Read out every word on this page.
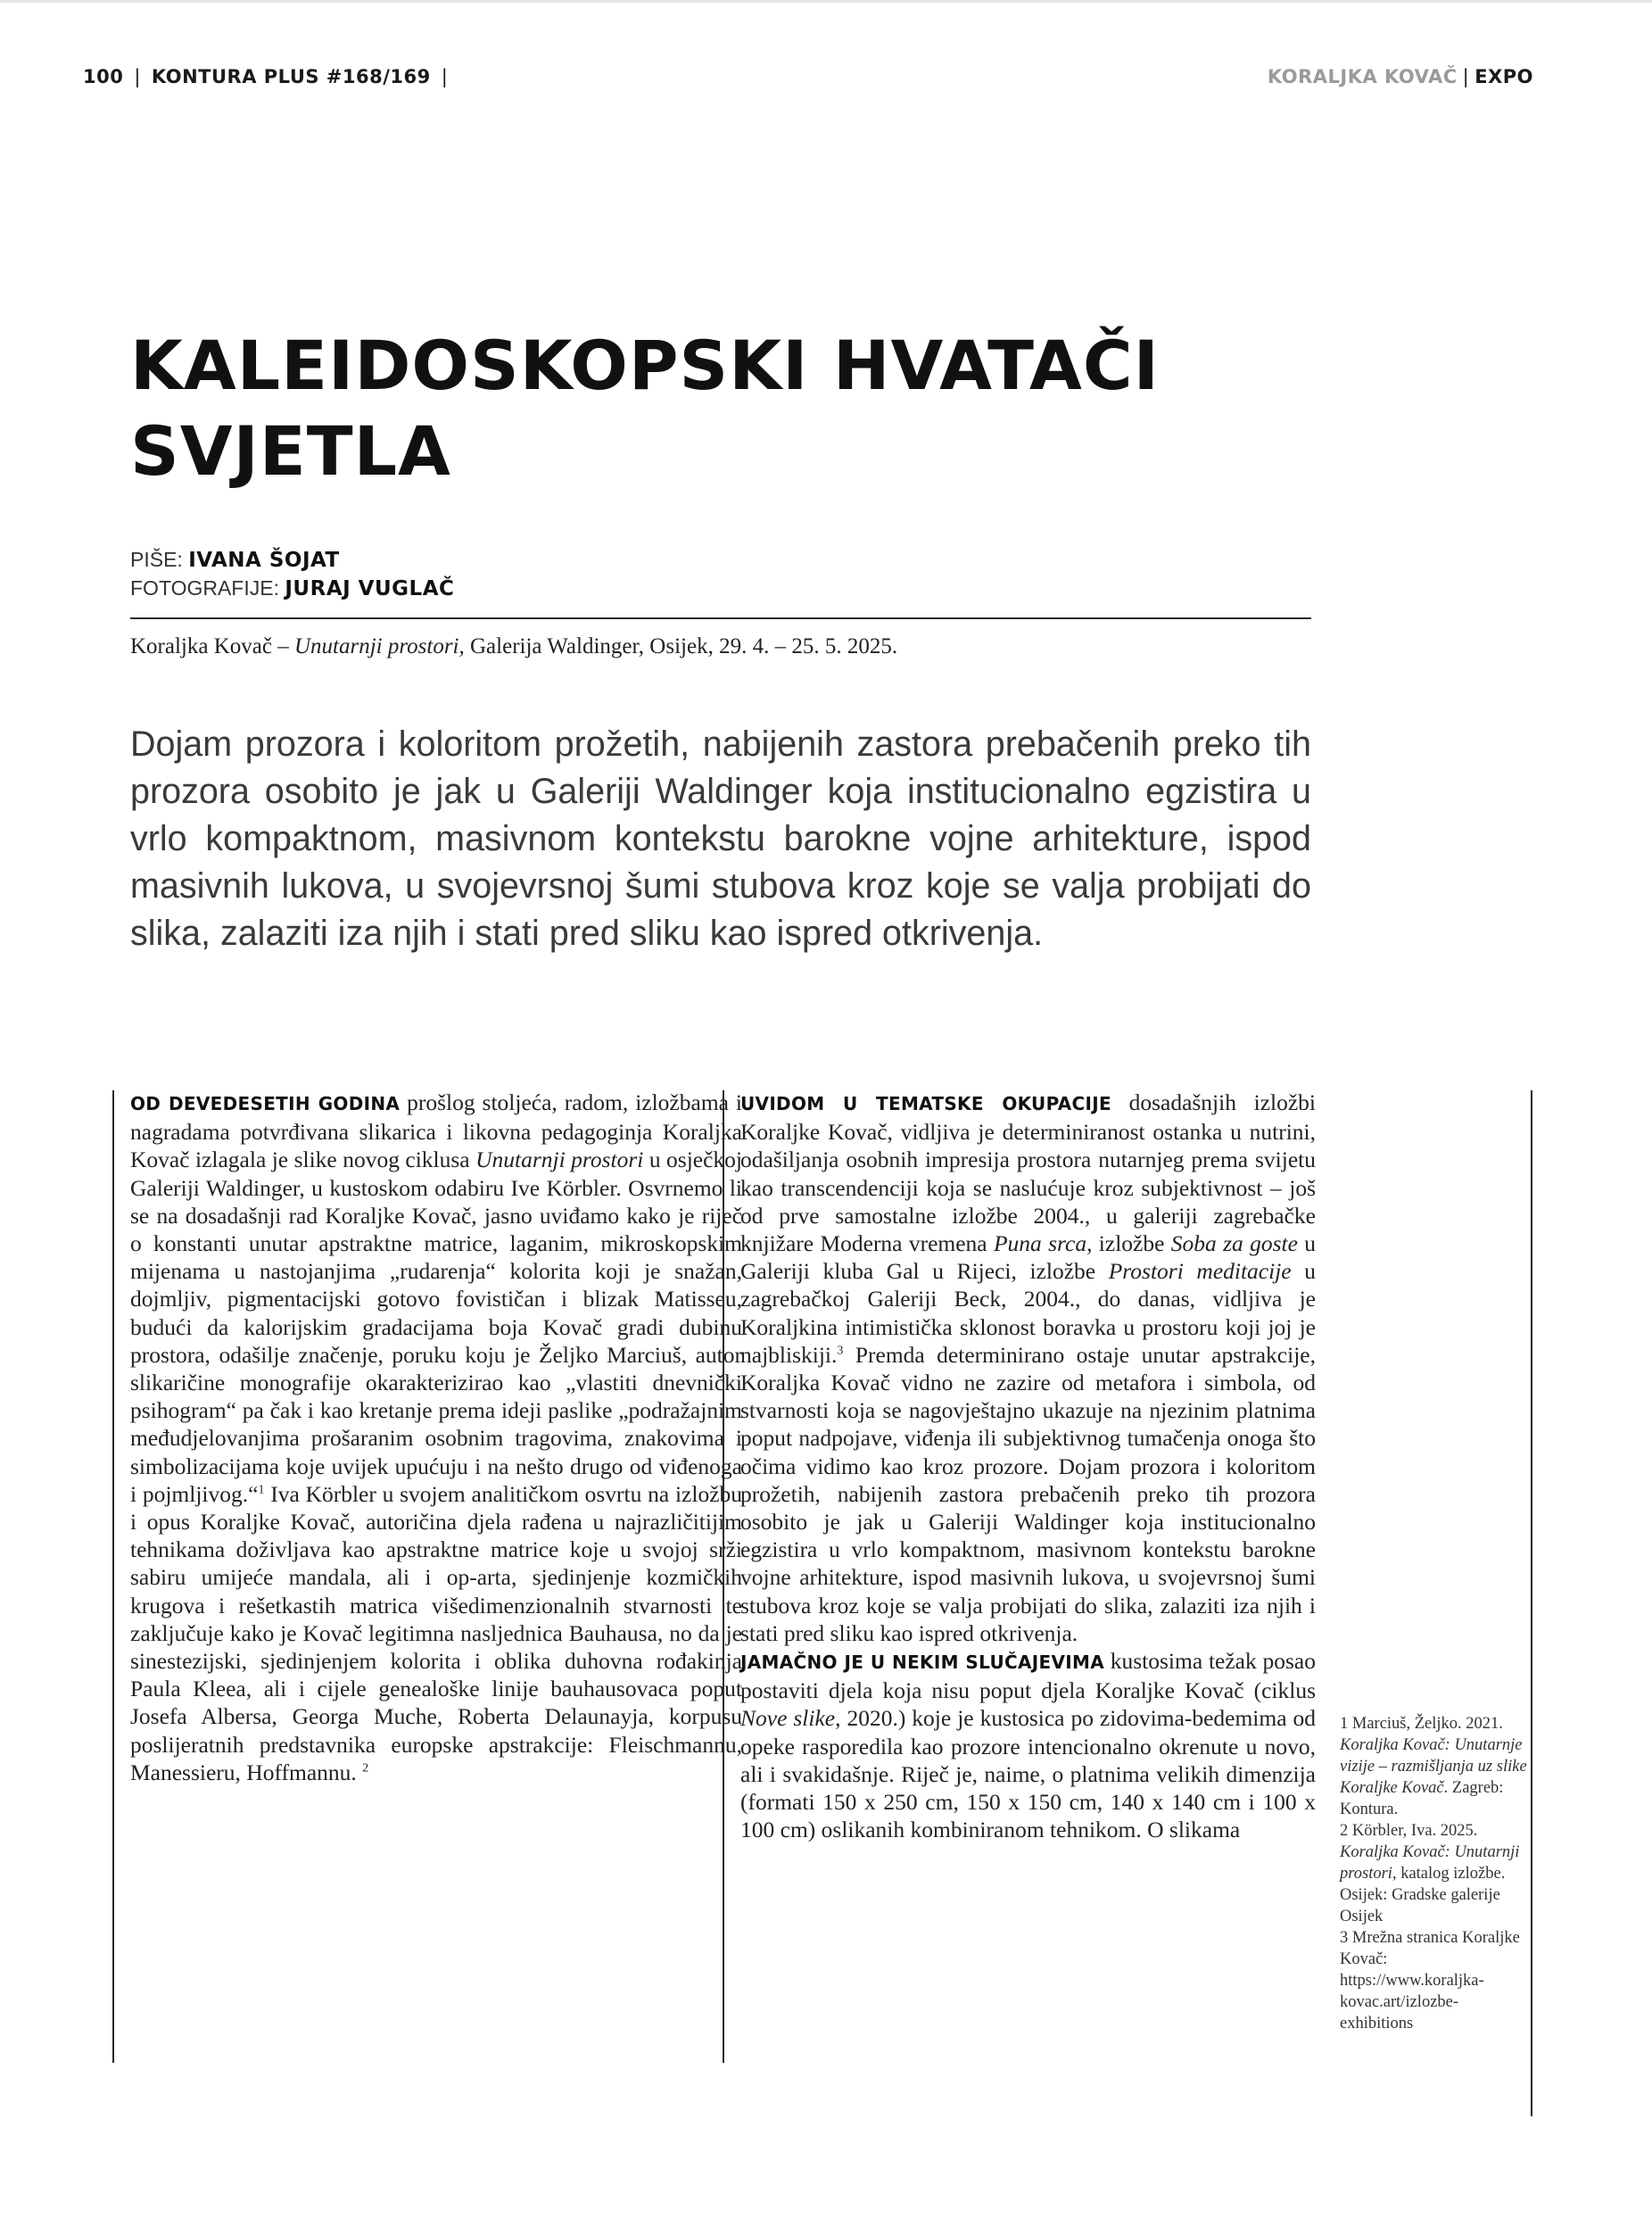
100 | KONTURA PLUS #168/169 |	KORALJKA KOVAČ | EXPO
KALEIDOSKOPSKI HVATAČI
SVJETLA
PIŠE: IVANA ŠOJAT
FOTOGRAFIJE: JURAJ VUGLAČ
Koraljka Kovač – Unutarnji prostori, Galerija Waldinger, Osijek, 29. 4. – 25. 5. 2025.

Dojam prozora i koloritom prožetih, nabijenih zastora prebačenih preko tih prozora osobito je jak u Galeriji Waldinger koja institucionalno egzistira u vrlo kompaktnom, masivnom kontekstu barokne vojne arhitekture, ispod masivnih lukova, u svojevrsnoj šumi stubova kroz koje se valja probijati do slika, zalaziti iza njih i stati pred sliku kao ispred otkrivenja.

OD DEVEDESETIH GODINA prošlog stoljeća, radom, izložbama i nagradama potvrđivana slikarica i likovna pedagoginja Koraljka Kovač izlagala je slike novog ciklusa Unutarnji prostori u osječkoj Galeriji Waldinger, u kustoskom odabiru Ive Körbler. Osvrnemo li se na dosadašnji rad Koraljke Kovač, jasno uviđamo kako je riječ o konstanti unutar apstraktne matrice, laganim, mikroskopskim mijenama u nastojanjima „rudarenja“ kolorita koji je snažan, dojmljiv, pigmentacijski gotovo fovističan i blizak Matisseu, budući da kalorijskim gradacijama boja Kovač gradi dubinu prostora, odašilje značenje, poruku koju je Željko Marciuš, autor slikaričine monografije okarakterizirao kao „vlastiti dnevnički psihogram“ pa čak i kao kretanje prema ideji paslike „podražajnim međudjelovanjima prošaranim osobnim tragovima, znakovima i simbolizacijama koje uvijek upućuju i na nešto drugo od viđenoga i pojmljivog.“$^1$ Iva Körbler u svojem analitičkom osvrtu na izložbu i opus Koraljke Kovač, autoričina djela rađena u najrazličitijim tehnikama doživljava kao apstraktne matrice koje u svojoj srži sabiru umijeće mandala, ali i op-arta, sjedinjenje kozmičkih krugova i rešetkastih matrica višedimenzionalnih stvarnosti te zaključuje kako je Kovač legitimna nasljednica Bauhausa, no da je sinestezijski, sjedinjenjem kolorita i oblika duhovna rođakinja Paula Kleea, ali i cijele genealoške linije bauhausovaca poput Josefa Albersa, Georga Muche, Roberta Delaunayja, korpusu poslijeratnih predstavnika europske apstrakcije: Fleischmannu, Manessieru, Hoffmannu. $^2$

UVIDOM U TEMATSKE OKUPACIJE dosadašnjih izložbi Koraljke Kovač, vidljiva je determiniranost ostanka u nutrini, odašiljanja osobnih impresija prostora nutarnjeg prema svijetu kao transcendenciji koja se naslućuje kroz subjektivnost – još od prve samostalne izložbe 2004., u galeriji zagrebačke knjižare Moderna vremena Puna srca, izložbe Soba za goste u Galeriji kluba Gal u Rijeci, izložbe Prostori meditacije u zagrebačkoj Galeriji Beck, 2004., do danas, vidljiva je Koraljkina intimistička sklonost boravka u prostoru koji joj je najbliskiji.$^3$ Premda determinirano ostaje unutar apstrakcije, Koraljka Kovač vidno ne zazire od metafora i simbola, od stvarnosti koja se nagovještajno ukazuje na njezinim platnima poput nadpojave, viđenja ili subjektivnog tumačenja onoga što očima vidimo kao kroz prozore. Dojam prozora i koloritom prožetih, nabijenih zastora prebačenih preko tih prozora osobito je jak u Galeriji Waldinger koja institucionalno egzistira u vrlo kompaktnom, masivnom kontekstu barokne vojne arhitekture, ispod masivnih lukova, u svojevrsnoj šumi stubova kroz koje se valja probijati do slika, zalaziti iza njih i stati pred sliku kao ispred otkrivenja.

JAMAČNO JE U NEKIM SLUČAJEVIMA kustosima težak posao postaviti djela koja nisu poput djela Koraljke Kovač (ciklus Nove slike, 2020.) koje je kustosica po zidovima-bedemima od opeke rasporedila kao prozore intencionalno okrenute u novo, ali i svakidašnje. Riječ je, naime, o platnima velikih dimenzija (formati 150 x 250 cm, 150 x 150 cm, 140 x 140 cm i 100 x 100 cm) oslikanih kombiniranom tehnikom. O slikama

1 Marciuš, Željko. 2021. Koraljka Kovač: Unutarnje vizije – razmišljanja uz slike Koraljke Kovač. Zagreb: Kontura.
2 Körbler, Iva. 2025. Koraljka Kovač: Unutarnji prostori, katalog izložbe. Osijek: Gradske galerije Osijek
3 Mrežna stranica Koraljke Kovač: https://www.koraljka-kovac.art/izlozbe-exhibitions
